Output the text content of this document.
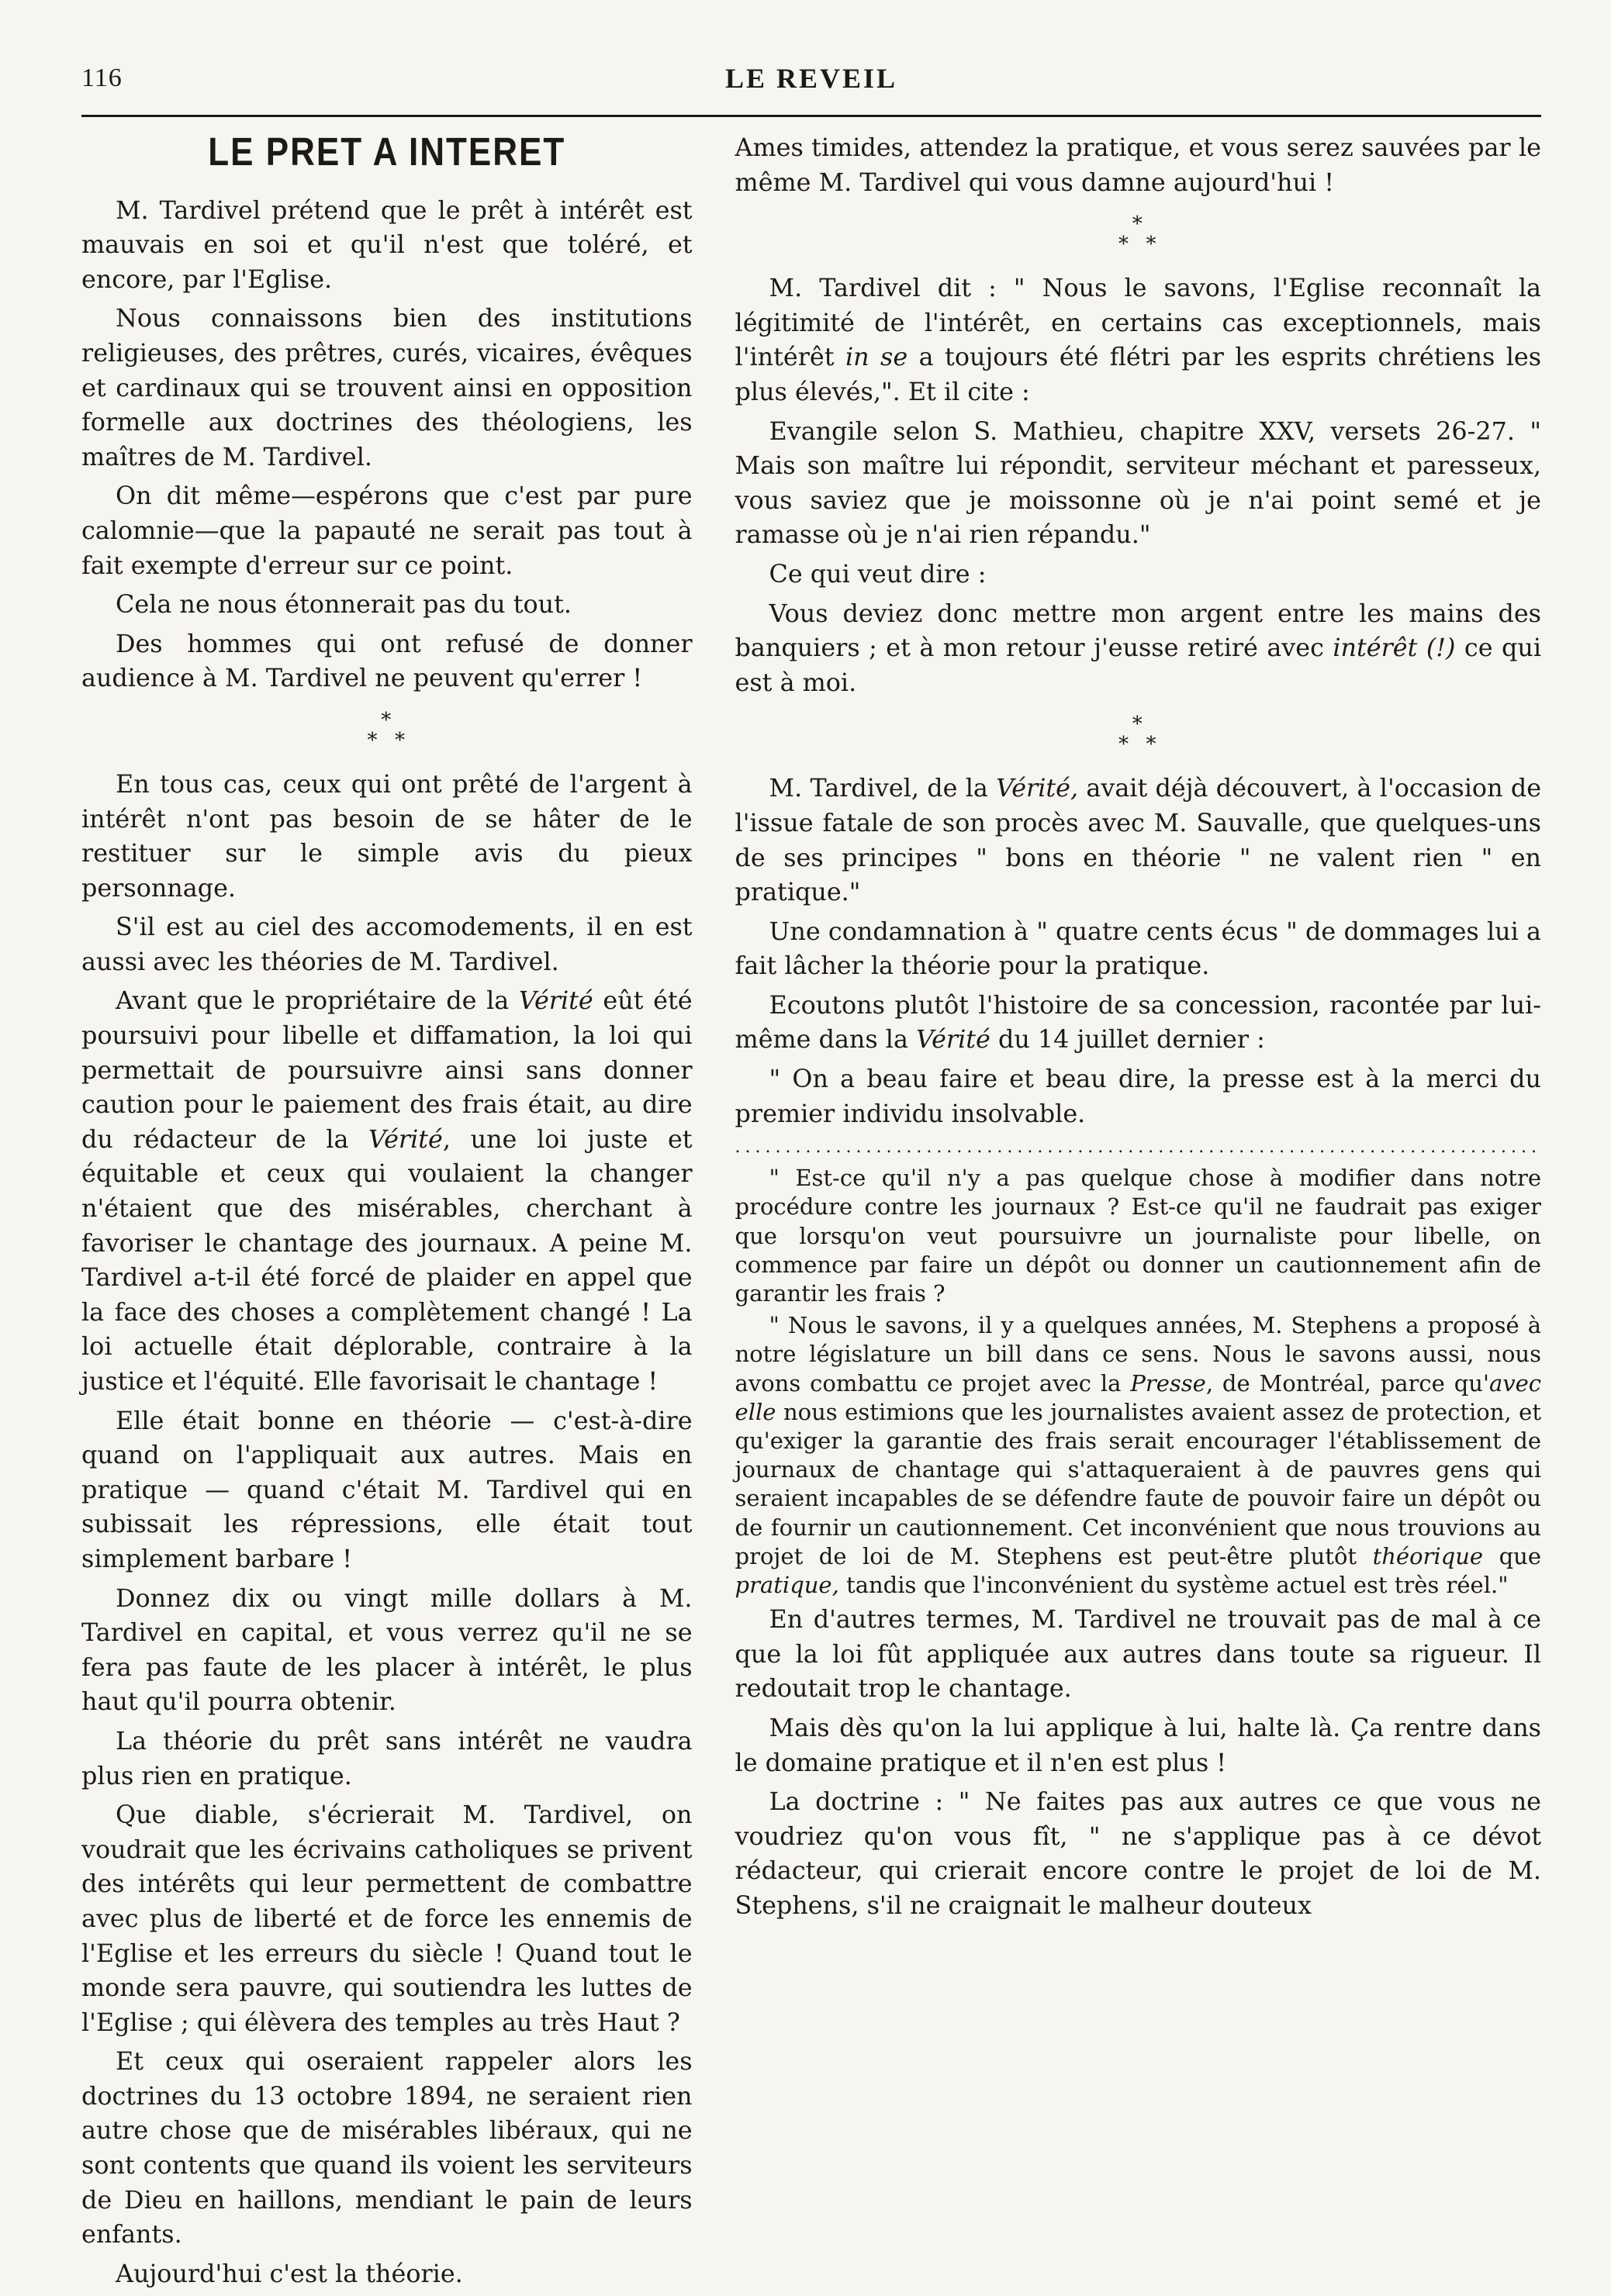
116	LE REVEIL
LE PRET A INTERET

M. Tardivel prétend que le prêt à intérêt est mauvais en soi et qu'il n'est que toléré, et encore, par l'Eglise.

Nous connaissons bien des institutions religieuses, des prêtres, curés, vicaires, évêques et cardinaux qui se trouvent ainsi en opposition formelle aux doctrines des théologiens, les maîtres de M. Tardivel.

On dit même—espérons que c'est par pure calomnie—que la papauté ne serait pas tout à fait exempte d'erreur sur ce point.

Cela ne nous étonnerait pas du tout.

Des hommes qui ont refusé de donner audience à M. Tardivel ne peuvent qu'errer !

*
* *

En tous cas, ceux qui ont prêté de l'argent à intérêt n'ont pas besoin de se hâter de le restituer sur le simple avis du pieux personnage.

S'il est au ciel des accomodements, il en est aussi avec les théories de M. Tardivel.

Avant que le propriétaire de la Vérité eût été poursuivi pour libelle et diffamation, la loi qui permettait de poursuivre ainsi sans donner caution pour le paiement des frais était, au dire du rédacteur de la Vérité, une loi juste et équitable et ceux qui voulaient la changer n'étaient que des misérables, cherchant à favoriser le chantage des journaux. A peine M. Tardivel a-t-il été forcé de plaider en appel que la face des choses a complètement changé ! La loi actuelle était déplorable, contraire à la justice et l'équité. Elle favorisait le chantage !

Elle était bonne en théorie — c'est-à-dire quand on l'appliquait aux autres. Mais en pratique — quand c'était M. Tardivel qui en subissait les répressions, elle était tout simplement barbare !

Donnez dix ou vingt mille dollars à M. Tardivel en capital, et vous verrez qu'il ne se fera pas faute de les placer à intérêt, le plus haut qu'il pourra obtenir.

La théorie du prêt sans intérêt ne vaudra plus rien en pratique.

Que diable, s'écrierait M. Tardivel, on voudrait que les écrivains catholiques se privent des intérêts qui leur permettent de combattre avec plus de liberté et de force les ennemis de l'Eglise et les erreurs du siècle ! Quand tout le monde sera pauvre, qui soutiendra les luttes de l'Eglise ; qui élèvera des temples au très Haut ?

Et ceux qui oseraient rappeler alors les doctrines du 13 octobre 1894, ne seraient rien autre chose que de misérables libéraux, qui ne sont contents que quand ils voient les serviteurs de Dieu en haillons, mendiant le pain de leurs enfants.

Aujourd'hui c'est la théorie.

Ames timides, attendez la pratique, et vous serez sauvées par le même M. Tardivel qui vous damne aujourd'hui !

*
* *

M. Tardivel dit : " Nous le savons, l'Eglise reconnaît la légitimité de l'intérêt, en certains cas exceptionnels, mais l'intérêt in se a toujours été flétri par les esprits chrétiens les plus élevés,". Et il cite :

Evangile selon S. Mathieu, chapitre XXV, versets 26-27. " Mais son maître lui répondit, serviteur méchant et paresseux, vous saviez que je moissonne où je n'ai point semé et je ramasse où je n'ai rien répandu."

Ce qui veut dire :

Vous deviez donc mettre mon argent entre les mains des banquiers ; et à mon retour j'eusse retiré avec intérêt (!) ce qui est à moi.

*
* *

M. Tardivel, de la Vérité, avait déjà découvert, à l'occasion de l'issue fatale de son procès avec M. Sauvalle, que quelques-uns de ses principes " bons en théorie " ne valent rien " en pratique."

Une condamnation à " quatre cents écus " de dommages lui a fait lâcher la théorie pour la pratique.

Ecoutons plutôt l'histoire de sa concession, racontée par lui-même dans la Vérité du 14 juillet dernier :

" On a beau faire et beau dire, la presse est à la merci du premier individu insolvable.

................................................................................

" Est-ce qu'il n'y a pas quelque chose à modifier dans notre procédure contre les journaux ? Est-ce qu'il ne faudrait pas exiger que lorsqu'on veut poursuivre un journaliste pour libelle, on commence par faire un dépôt ou donner un cautionnement afin de garantir les frais ?

" Nous le savons, il y a quelques années, M. Stephens a proposé à notre législature un bill dans ce sens. Nous le savons aussi, nous avons combattu ce projet avec la Presse, de Montréal, parce qu'avec elle nous estimions que les journalistes avaient assez de protection, et qu'exiger la garantie des frais serait encourager l'établissement de journaux de chantage qui s'attaqueraient à de pauvres gens qui seraient incapables de se défendre faute de pouvoir faire un dépôt ou de fournir un cautionnement. Cet inconvénient que nous trouvions au projet de loi de M. Stephens est peut-être plutôt théorique que pratique, tandis que l'inconvénient du système actuel est très réel."

En d'autres termes, M. Tardivel ne trouvait pas de mal à ce que la loi fût appliquée aux autres dans toute sa rigueur. Il redoutait trop le chantage.

Mais dès qu'on la lui applique à lui, halte là. Ça rentre dans le domaine pratique et il n'en est plus !

La doctrine : " Ne faites pas aux autres ce que vous ne voudriez qu'on vous fît, " ne s'applique pas à ce dévot rédacteur, qui crierait encore contre le projet de loi de M. Stephens, s'il ne craignait le malheur douteux
